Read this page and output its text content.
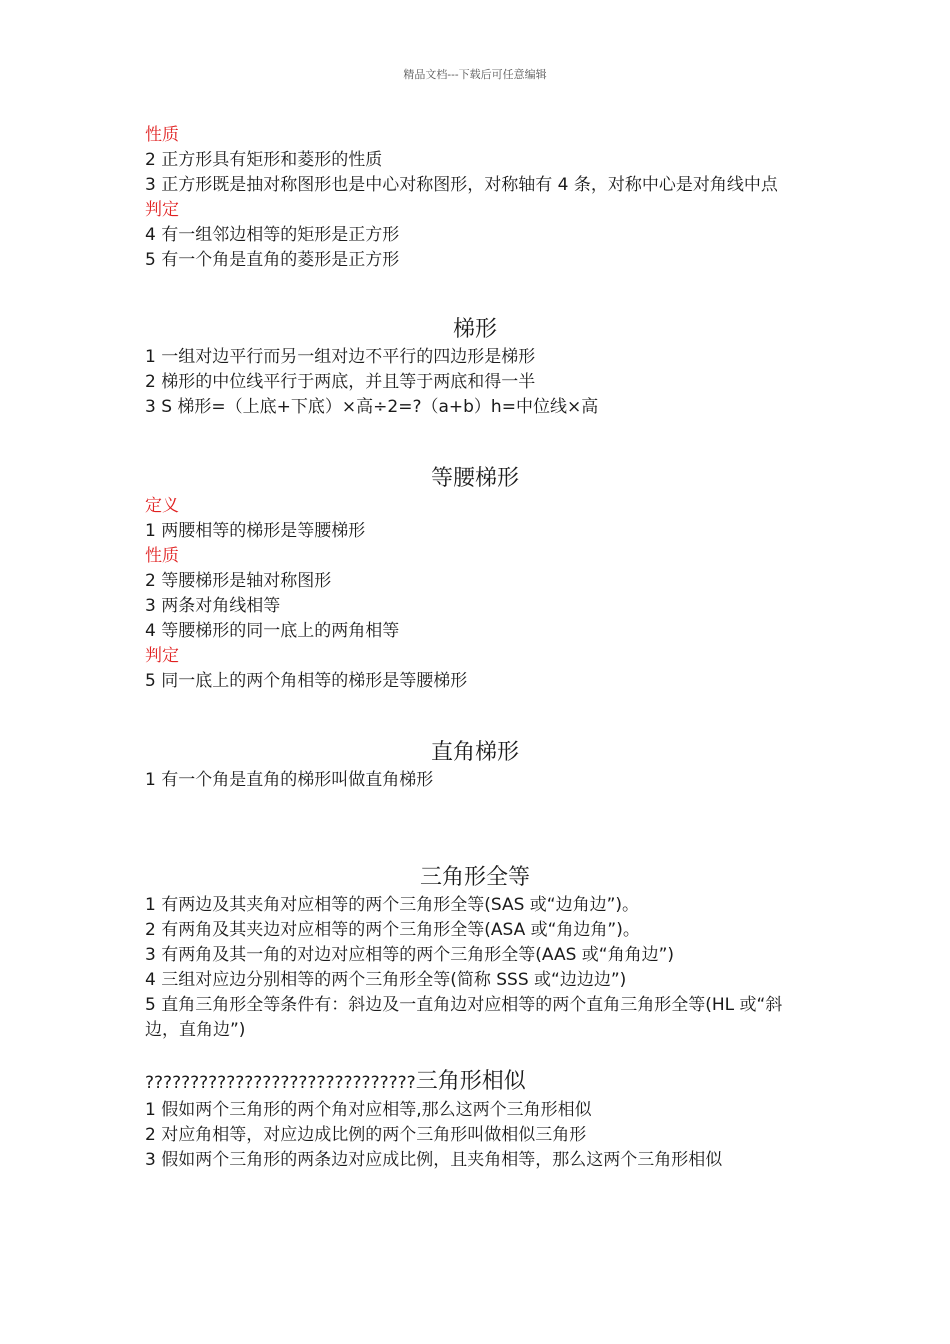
精品文档---下载后可任意编辑

性质

2 正方形具有矩形和菱形的性质

3 正方形既是抽对称图形也是中心对称图形，对称轴有 4 条，对称中心是对角线中点

判定

4 有一组邻边相等的矩形是正方形

5 有一个角是直角的菱形是正方形

梯形

1 一组对边平行而另一组对边不平行的四边形是梯形

2 梯形的中位线平行于两底，并且等于两底和得一半

3 S 梯形=（上底+下底）×高÷2=?（a+b）h=中位线×高

等腰梯形

定义

1 两腰相等的梯形是等腰梯形

性质

2 等腰梯形是轴对称图形

3 两条对角线相等

4 等腰梯形的同一底上的两角相等

判定

5 同一底上的两个角相等的梯形是等腰梯形

直角梯形

1 有一个角是直角的梯形叫做直角梯形

三角形全等

1 有两边及其夹角对应相等的两个三角形全等(SAS 或“边角边”)。

2 有两角及其夹边对应相等的两个三角形全等(ASA 或“角边角”)。

3 有两角及其一角的对边对应相等的两个三角形全等(AAS 或“角角边”)

4 三组对应边分别相等的两个三角形全等(简称 SSS 或“边边边”)

5 直角三角形全等条件有：斜边及一直角边对应相等的两个直角三角形全等(HL 或“斜边，直角边”)

??????????????????????????????三角形相似

1 假如两个三角形的两个角对应相等,那么这两个三角形相似

2 对应角相等，对应边成比例的两个三角形叫做相似三角形

3 假如两个三角形的两条边对应成比例，且夹角相等，那么这两个三角形相似
